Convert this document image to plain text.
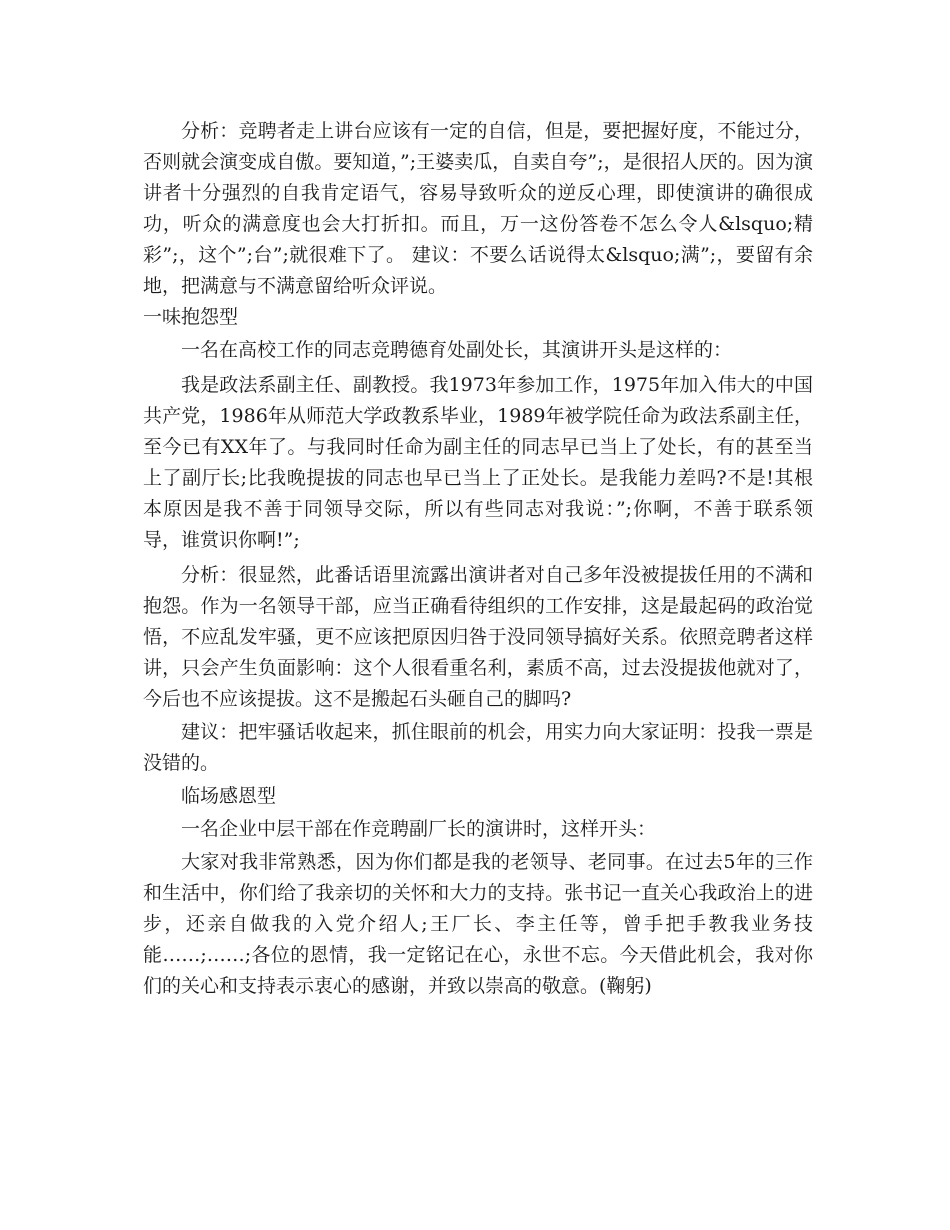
分析：竞聘者走上讲台应该有一定的自信，但是，要把握好度，不能过分，否则就会演变成自傲。要知道，”;王婆卖瓜，自卖自夸”;，是很招人厌的。因为演讲者十分强烈的自我肯定语气，容易导致听众的逆反心理，即使演讲的确很成功，听众的满意度也会大打折扣。而且，万一这份答卷不怎么令人&lsquo;精彩”;，这个”;台”;就很难下了。 建议：不要么话说得太&lsquo;满”;，要留有余地，把满意与不满意留给听众评说。

一味抱怨型

一名在高校工作的同志竞聘德育处副处长，其演讲开头是这样的：

我是政法系副主任、副教授。我1973年参加工作，1975年加入伟大的中国共产党，1986年从师范大学政教系毕业，1989年被学院任命为政法系副主任，至今已有XX年了。与我同时任命为副主任的同志早已当上了处长，有的甚至当上了副厅长;比我晚提拔的同志也早已当上了正处长。是我能力差吗?不是!其根本原因是我不善于同领导交际，所以有些同志对我说：”;你啊，不善于联系领导，谁赏识你啊!”;

分析：很显然，此番话语里流露出演讲者对自己多年没被提拔任用的不满和抱怨。作为一名领导干部，应当正确看待组织的工作安排，这是最起码的政治觉悟，不应乱发牢骚，更不应该把原因归咎于没同领导搞好关系。依照竞聘者这样讲，只会产生负面影响：这个人很看重名利，素质不高，过去没提拔他就对了，今后也不应该提拔。这不是搬起石头砸自己的脚吗?

建议：把牢骚话收起来，抓住眼前的机会，用实力向大家证明：投我一票是没错的。

临场感恩型

一名企业中层干部在作竞聘副厂长的演讲时，这样开头：

大家对我非常熟悉，因为你们都是我的老领导、老同事。在过去5年的三作和生活中，你们给了我亲切的关怀和大力的支持。张书记一直关心我政治上的进步，还亲自做我的入党介绍人;王厂长、李主任等，曾手把手教我业务技能……;……;各位的恩情，我一定铭记在心，永世不忘。今天借此机会，我对你们的关心和支持表示衷心的感谢，并致以崇高的敬意。(鞠躬)
